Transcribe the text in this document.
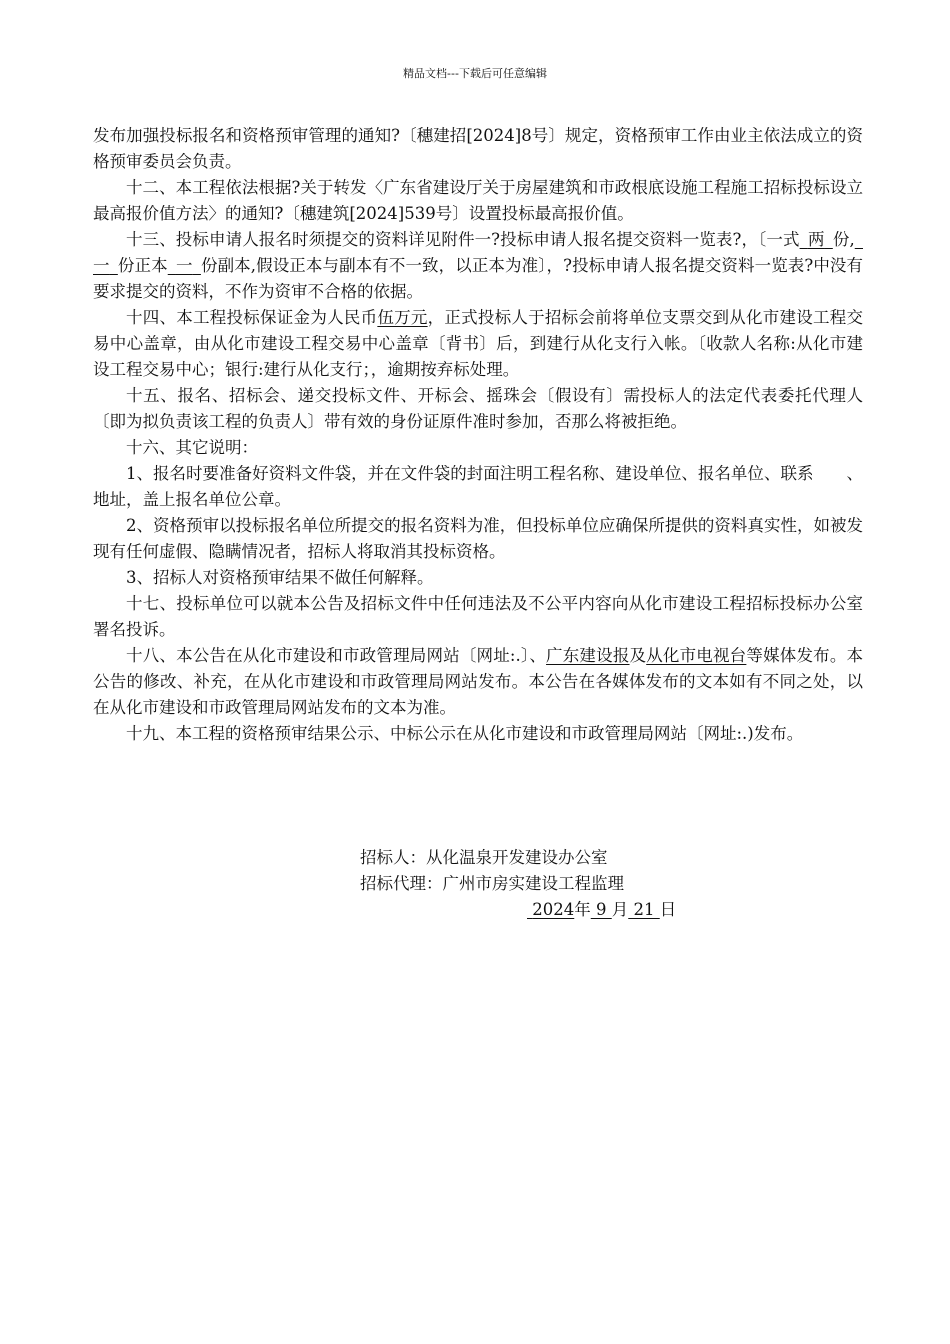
精品文档---下载后可任意编辑

发布加强投标报名和资格预审管理的通知?〔穗建招[2024]8号〕规定，资格预审工作由业主依法成立的资格预审委员会负责。

十二、本工程依法根据?关于转发〈广东省建设厅关于房屋建筑和市政根底设施工程施工招标投标设立最高报价值方法〉的通知?〔穗建筑[2024]539号〕设置投标最高报价值。

十三、投标申请人报名时须提交的资料详见附件一?投标申请人报名提交资料一览表?，〔一式  两  份, 一  份正本  一  份副本,假设正本与副本有不一致，以正本为准〕，?投标申请人报名提交资料一览表?中没有要求提交的资料，不作为资审不合格的依据。

十四、本工程投标保证金为人民币伍万元，正式投标人于招标会前将单位支票交到从化市建设工程交易中心盖章，由从化市建设工程交易中心盖章〔背书〕后，到建行从化支行入帐。〔收款人名称:从化市建设工程交易中心；银行:建行从化支行；，逾期按弃标处理。

十五、报名、招标会、递交投标文件、开标会、摇珠会〔假设有〕需投标人的法定代表委托代理人〔即为拟负责该工程的负责人〕带有效的身份证原件准时参加，否那么将被拒绝。

十六、其它说明：

1、报名时要准备好资料文件袋，并在文件袋的封面注明工程名称、建设单位、报名单位、联系　　、地址，盖上报名单位公章。

2、资格预审以投标报名单位所提交的报名资料为准，但投标单位应确保所提供的资料真实性，如被发现有任何虚假、隐瞒情况者，招标人将取消其投标资格。

3、招标人对资格预审结果不做任何解释。

十七、投标单位可以就本公告及招标文件中任何违法及不公平内容向从化市建设工程招标投标办公室署名投诉。

十八、本公告在从化市建设和市政管理局网站〔网址:.〕、广东建设报及从化市电视台等媒体发布。本公告的修改、补充，在从化市建设和市政管理局网站发布。本公告在各媒体发布的文本如有不同之处，以在从化市建设和市政管理局网站发布的文本为准。

十九、本工程的资格预审结果公示、中标公示在从化市建设和市政管理局网站〔网址:.)发布。

招标人：从化温泉开发建设办公室
招标代理：广州市房实建设工程监理
2024年 9 月 21 日
